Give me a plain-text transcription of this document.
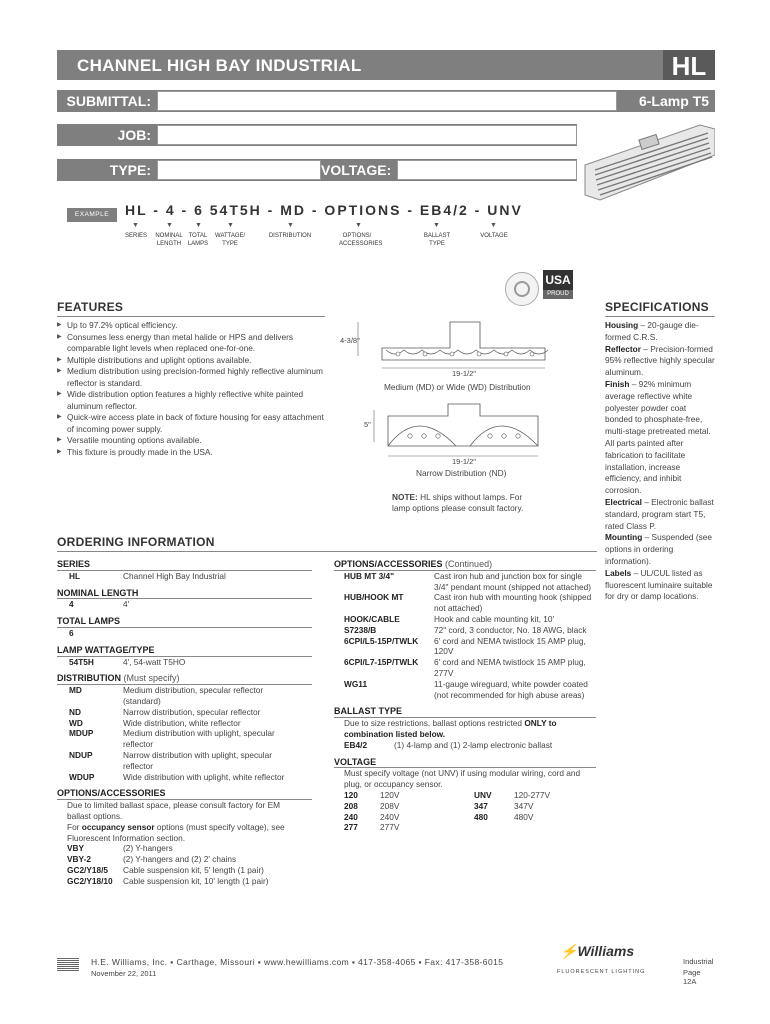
CHANNEL HIGH BAY INDUSTRIAL	HL
SUBMITTAL:	6-Lamp T5
JOB:
TYPE:	VOLTAGE:
EXAMPLE	HL - 4 - 6 54T5H - MD - OPTIONS - EB4/2 - UNV
▼	▼	▼	▼	▼	▼	▼	▼
SERIES NOMINAL LENGTH
TOTAL LAMPS
WATTAGE/ TYPE
DISTRIBUTION	OPTIONS/ ACCESSORIES
BALLAST TYPE
VOLTAGE
USA
PROUD
FEATURES
▶ Up to 97.2% optical efficiency.
▶ Consumes less energy than metal halide or HPS and delivers comparable light levels when replaced one-for-one.
▶ Multiple distributions and uplight options available.
▶ Medium distribution using precision-formed highly reflective aluminum reflector is standard.
▶ Wide distribution option features a highly reflective white painted aluminum reflector.
▶ Quick-wire access plate in back of fixture housing for easy attachment of incoming power supply.
▶ Versatile mounting options available.
▶ This fixture is proudly made in the USA.
4-3/8"
19-1/2"
Medium (MD) or Wide (WD) Distribution
5"
19-1/2"
Narrow Distribution (ND)
NOTE: HL ships without lamps. For lamp options please consult factory.
SPECIFICATIONS
Housing – 20-gauge die-formed C.R.S.
Reflector – Precision-formed 95% reflective highly specular aluminum.
Finish – 92% minimum average reflective white polyester powder coat bonded to phosphate-free, multi-stage pretreated metal. All parts painted after fabrication to facilitate installation, increase efficiency, and inhibit corrosion.
Electrical – Electronic ballast standard, program start T5, rated Class P.
Mounting – Suspended (see options in ordering information).
Labels – UL/CUL listed as fluorescent luminaire suitable for dry or damp locations.
ORDERING INFORMATION
SERIES
HL	Channel High Bay Industrial
NOMINAL LENGTH
4	4'
TOTAL LAMPS
6
LAMP WATTAGE/TYPE
54T5H	4', 54-watt T5HO
DISTRIBUTION (Must specify)
MD	Medium distribution, specular reflector (standard)
ND	Narrow distribution, specular reflector
WD	Wide distribution, white reflector
MDUP	Medium distribution with uplight, specular reflector
NDUP	Narrow distribution with uplight, specular reflector
WDUP	Wide distribution with uplight, white reflector
OPTIONS/ACCESSORIES
Due to limited ballast space, please consult factory for EM ballast options.
For occupancy sensor options (must specify voltage), see Fluorescent Information section.
VBY	(2) Y-hangers
VBY-2	(2) Y-hangers and (2) 2' chains
GC2/Y18/5	Cable suspension kit, 5' length (1 pair)
GC2/Y18/10	Cable suspension kit, 10' length (1 pair)
OPTIONS/ACCESSORIES (Continued)
HUB MT 3/4"	Cast iron hub and junction box for single 3/4" pendant mount (shipped not attached)
HUB/HOOK MT	Cast iron hub with mounting hook (shipped not attached)
HOOK/CABLE	Hook and cable mounting kit, 10'
S7238/B	72" cord, 3 conductor, No. 18 AWG, black
6CPI/L5-15P/TWLK	6' cord and NEMA twistlock 15 AMP plug, 120V
6CPI/L7-15P/TWLK	6' cord and NEMA twistlock 15 AMP plug, 277V
WG11	11-gauge wireguard, white powder coated (not recommended for high abuse areas)
BALLAST TYPE
Due to size restrictions, ballast options restricted ONLY to combination listed below.
EB4/2	(1) 4-lamp and (1) 2-lamp electronic ballast
VOLTAGE
Must specify voltage (not UNV) if using modular wiring, cord and plug, or occupancy sensor.
120	120V
208	208V
240	240V
277	277V
UNV	120-277V
347	347V
480	480V
H.E. Williams, Inc. ▪ Carthage, Missouri ▪ www.hewilliams.com ▪ 417-358-4065 ▪ Fax: 417-358-6015
November 22, 2011
⚡Williams
FLUORESCENT LIGHTING
Industrial
Page 12A
